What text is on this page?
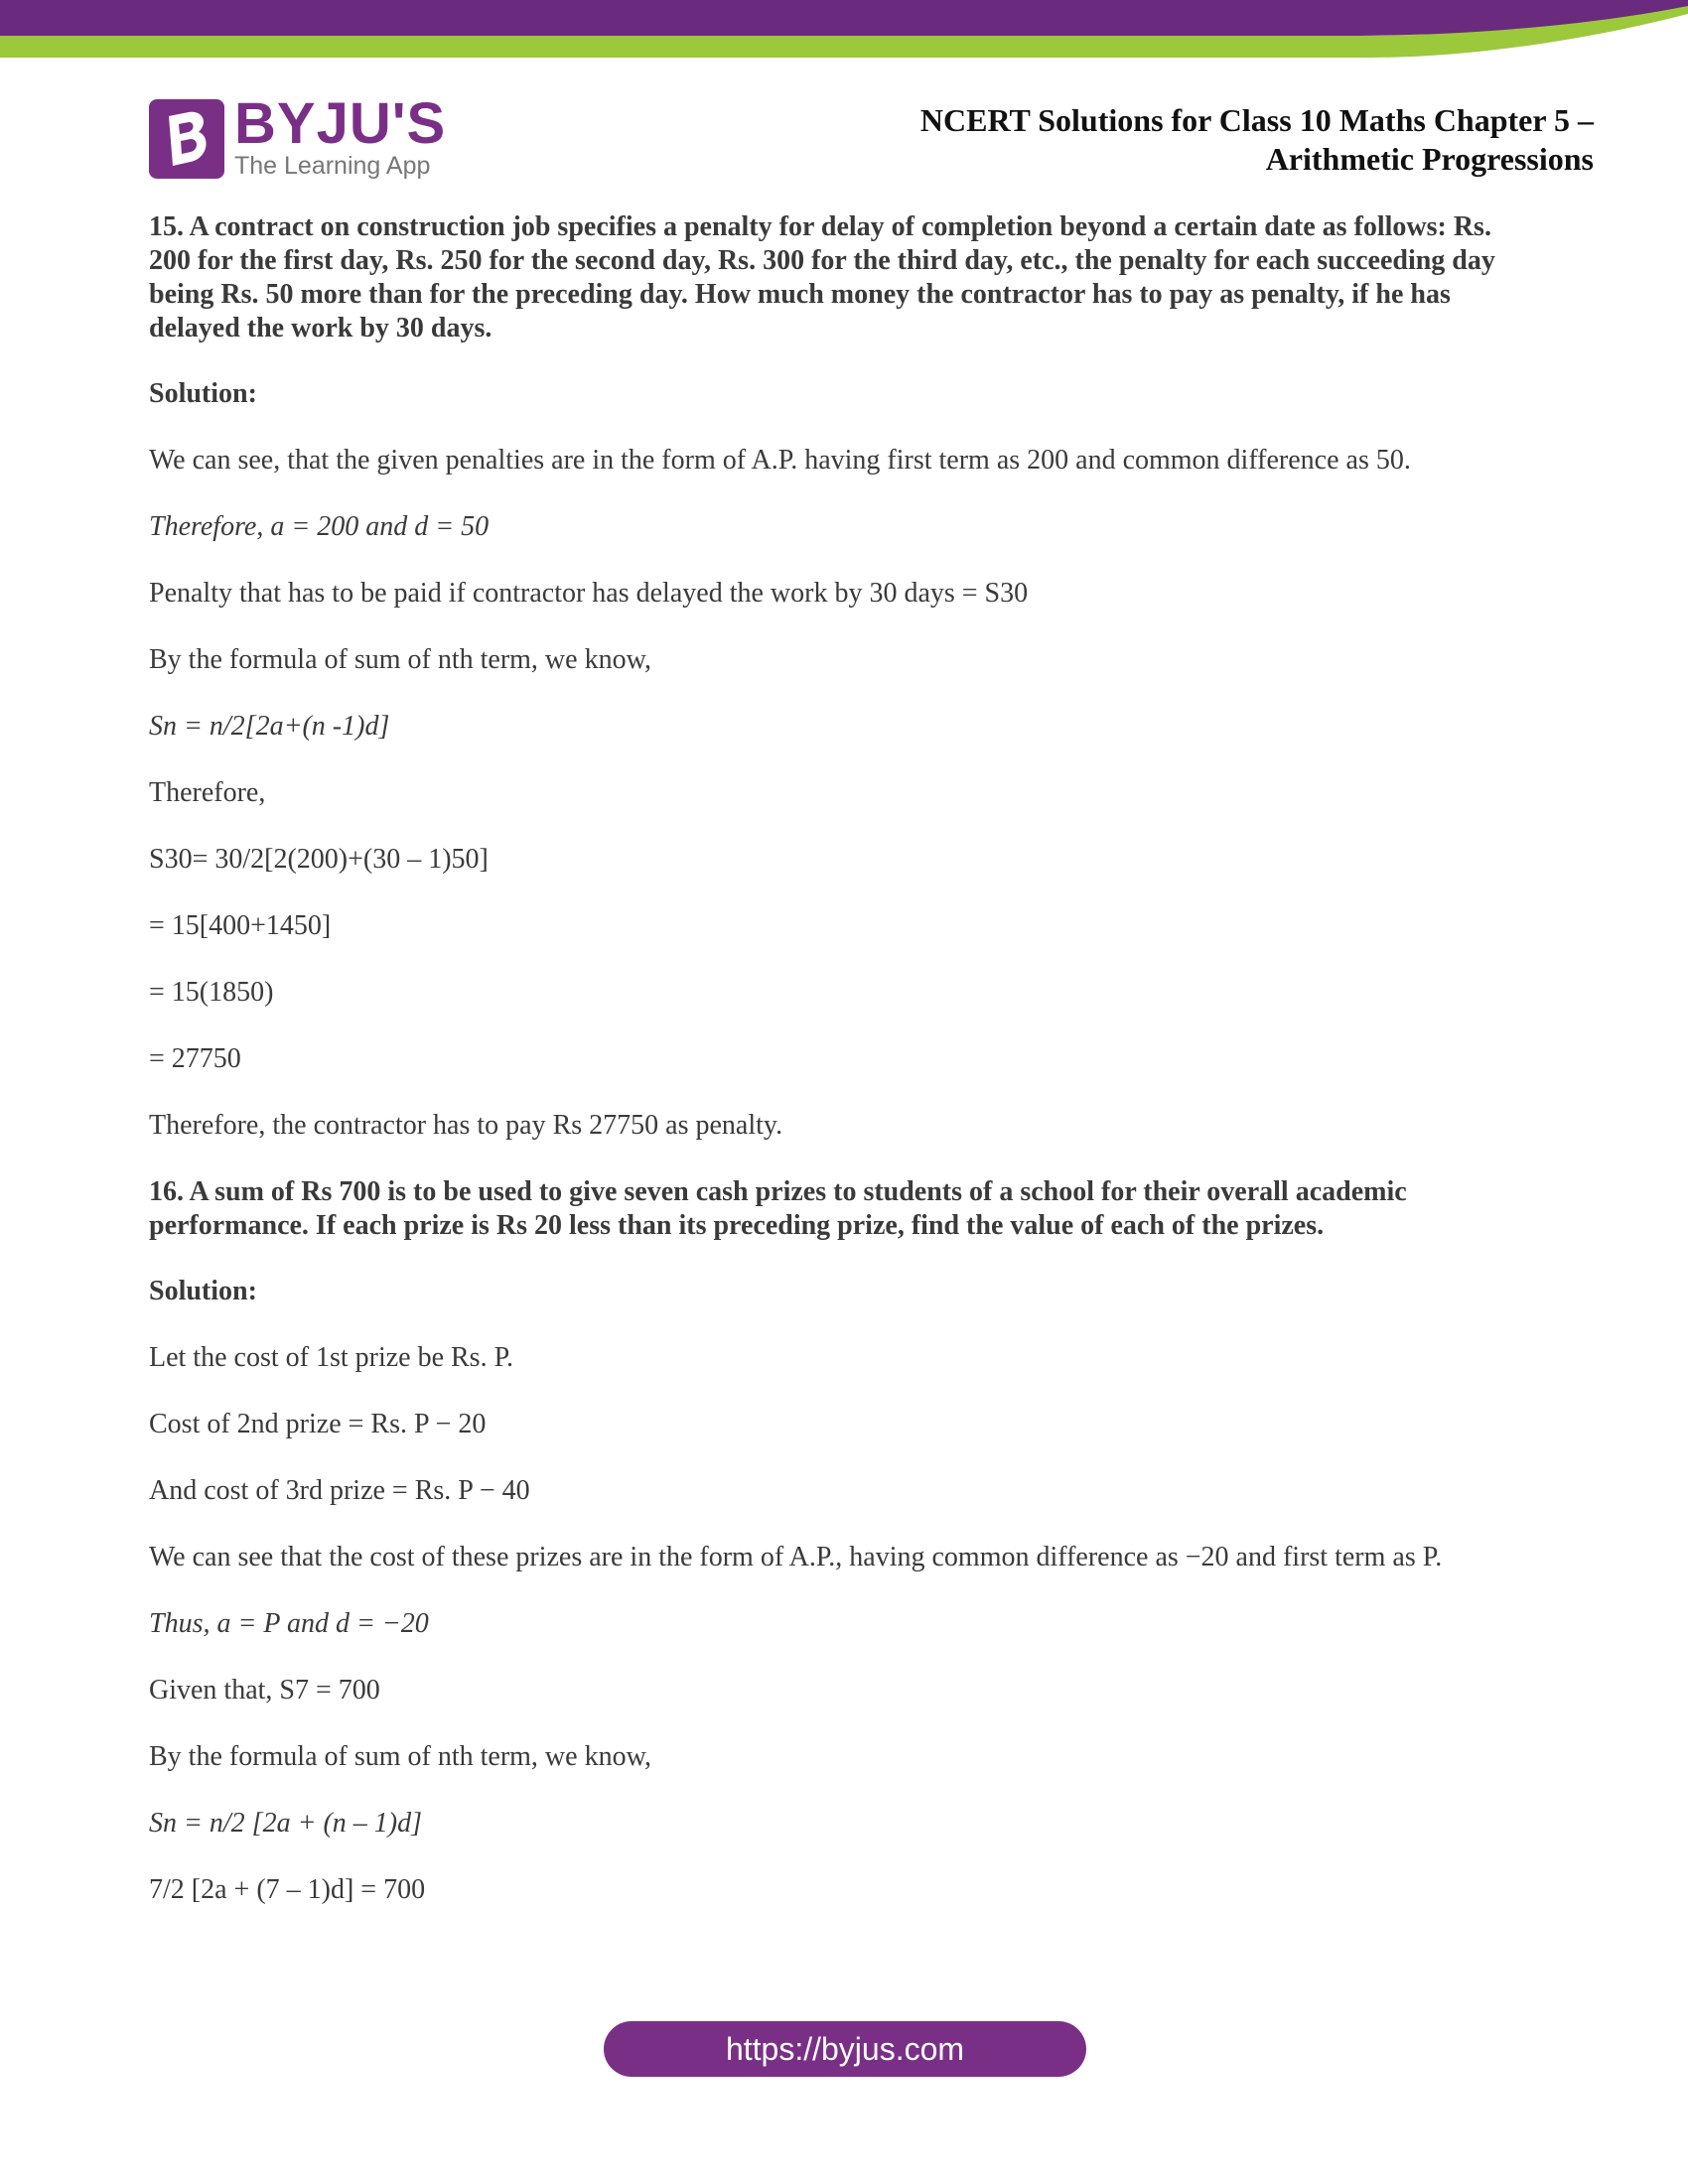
BYJU'S
The Learning App
NCERT Solutions for Class 10 Maths Chapter 5 –
Arithmetic Progressions

15. A contract on construction job specifies a penalty for delay of completion beyond a certain date as follows: Rs. 200 for the first day, Rs. 250 for the second day, Rs. 300 for the third day, etc., the penalty for each succeeding day being Rs. 50 more than for the preceding day. How much money the contractor has to pay as penalty, if he has delayed the work by 30 days.

Solution:

We can see, that the given penalties are in the form of A.P. having first term as 200 and common difference as 50.

Therefore, a = 200 and d = 50

Penalty that has to be paid if contractor has delayed the work by 30 days = S30

By the formula of sum of nth term, we know,

Sn = n/2[2a+(n -1)d]

Therefore,

S30= 30/2[2(200)+(30 – 1)50]

= 15[400+1450]

= 15(1850)

= 27750

Therefore, the contractor has to pay Rs 27750 as penalty.

16. A sum of Rs 700 is to be used to give seven cash prizes to students of a school for their overall academic performance. If each prize is Rs 20 less than its preceding prize, find the value of each of the prizes.

Solution:

Let the cost of 1st prize be Rs. P.

Cost of 2nd prize = Rs. P − 20

And cost of 3rd prize = Rs. P − 40

We can see that the cost of these prizes are in the form of A.P., having common difference as −20 and first term as P.

Thus, a = P and d = −20

Given that, S7 = 700

By the formula of sum of nth term, we know,

Sn = n/2 [2a + (n – 1)d]

7/2 [2a + (7 – 1)d] = 700

https://byjus.com
